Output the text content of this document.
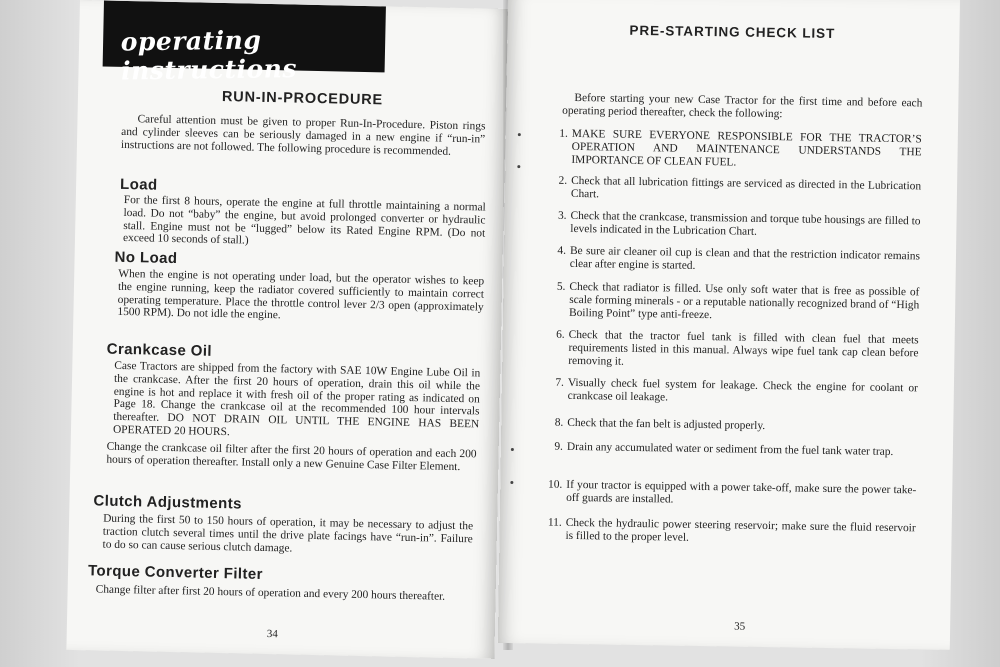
operating instructions
RUN-IN-PROCEDURE
Careful attention must be given to proper Run-In-Procedure. Piston rings and cylinder sleeves can be seriously damaged in a new engine if “run-in” instructions are not followed. The following procedure is recommended.
Load
For the first 8 hours, operate the engine at full throttle maintaining a normal load. Do not “baby” the engine, but avoid prolonged converter or hydraulic stall. Engine must not be “lugged” below its Rated Engine RPM. (Do not exceed 10 seconds of stall.)
No Load
When the engine is not operating under load, but the operator wishes to keep the engine running, keep the radiator covered sufficiently to maintain correct operating temperature. Place the throttle control lever 2/3 open (approximately 1500 RPM). Do not idle the engine.
Crankcase Oil
Case Tractors are shipped from the factory with SAE 10W Engine Lube Oil in the crankcase. After the first 20 hours of operation, drain this oil while the engine is hot and replace it with fresh oil of the proper rating as indicated on Page 18. Change the crankcase oil at the recommended 100 hour intervals thereafter. DO NOT DRAIN OIL UNTIL THE ENGINE HAS BEEN OPERATED 20 HOURS.
Change the crankcase oil filter after the first 20 hours of operation and each 200 hours of operation thereafter. Install only a new Genuine Case Filter Element.
Clutch Adjustments
During the first 50 to 150 hours of operation, it may be necessary to adjust the traction clutch several times until the drive plate facings have “run-in”. Failure to do so can cause serious clutch damage.
Torque Converter Filter
Change filter after first 20 hours of operation and every 200 hours thereafter.
34
PRE-STARTING CHECK LIST
Before starting your new Case Tractor for the first time and before each operating period thereafter, check the following:
1. MAKE SURE EVERYONE RESPONSIBLE FOR THE TRACTOR’S OPERATION AND MAINTENANCE UNDERSTANDS THE IMPORTANCE OF CLEAN FUEL.
2. Check that all lubrication fittings are serviced as directed in the Lubrication Chart.
3. Check that the crankcase, transmission and torque tube housings are filled to levels indicated in the Lubrication Chart.
4. Be sure air cleaner oil cup is clean and that the restriction indicator remains clear after engine is started.
5. Check that radiator is filled. Use only soft water that is free as possible of scale forming minerals - or a reputable nationally recognized brand of “High Boiling Point” type anti-freeze.
6. Check that the tractor fuel tank is filled with clean fuel that meets requirements listed in this manual. Always wipe fuel tank cap clean before removing it.
7. Visually check fuel system for leakage. Check the engine for coolant or crankcase oil leakage.
8. Check that the fan belt is adjusted properly.
9. Drain any accumulated water or sediment from the fuel tank water trap.
10. If your tractor is equipped with a power take-off, make sure the power take-off guards are installed.
11. Check the hydraulic power steering reservoir; make sure the fluid reservoir is filled to the proper level.
35
